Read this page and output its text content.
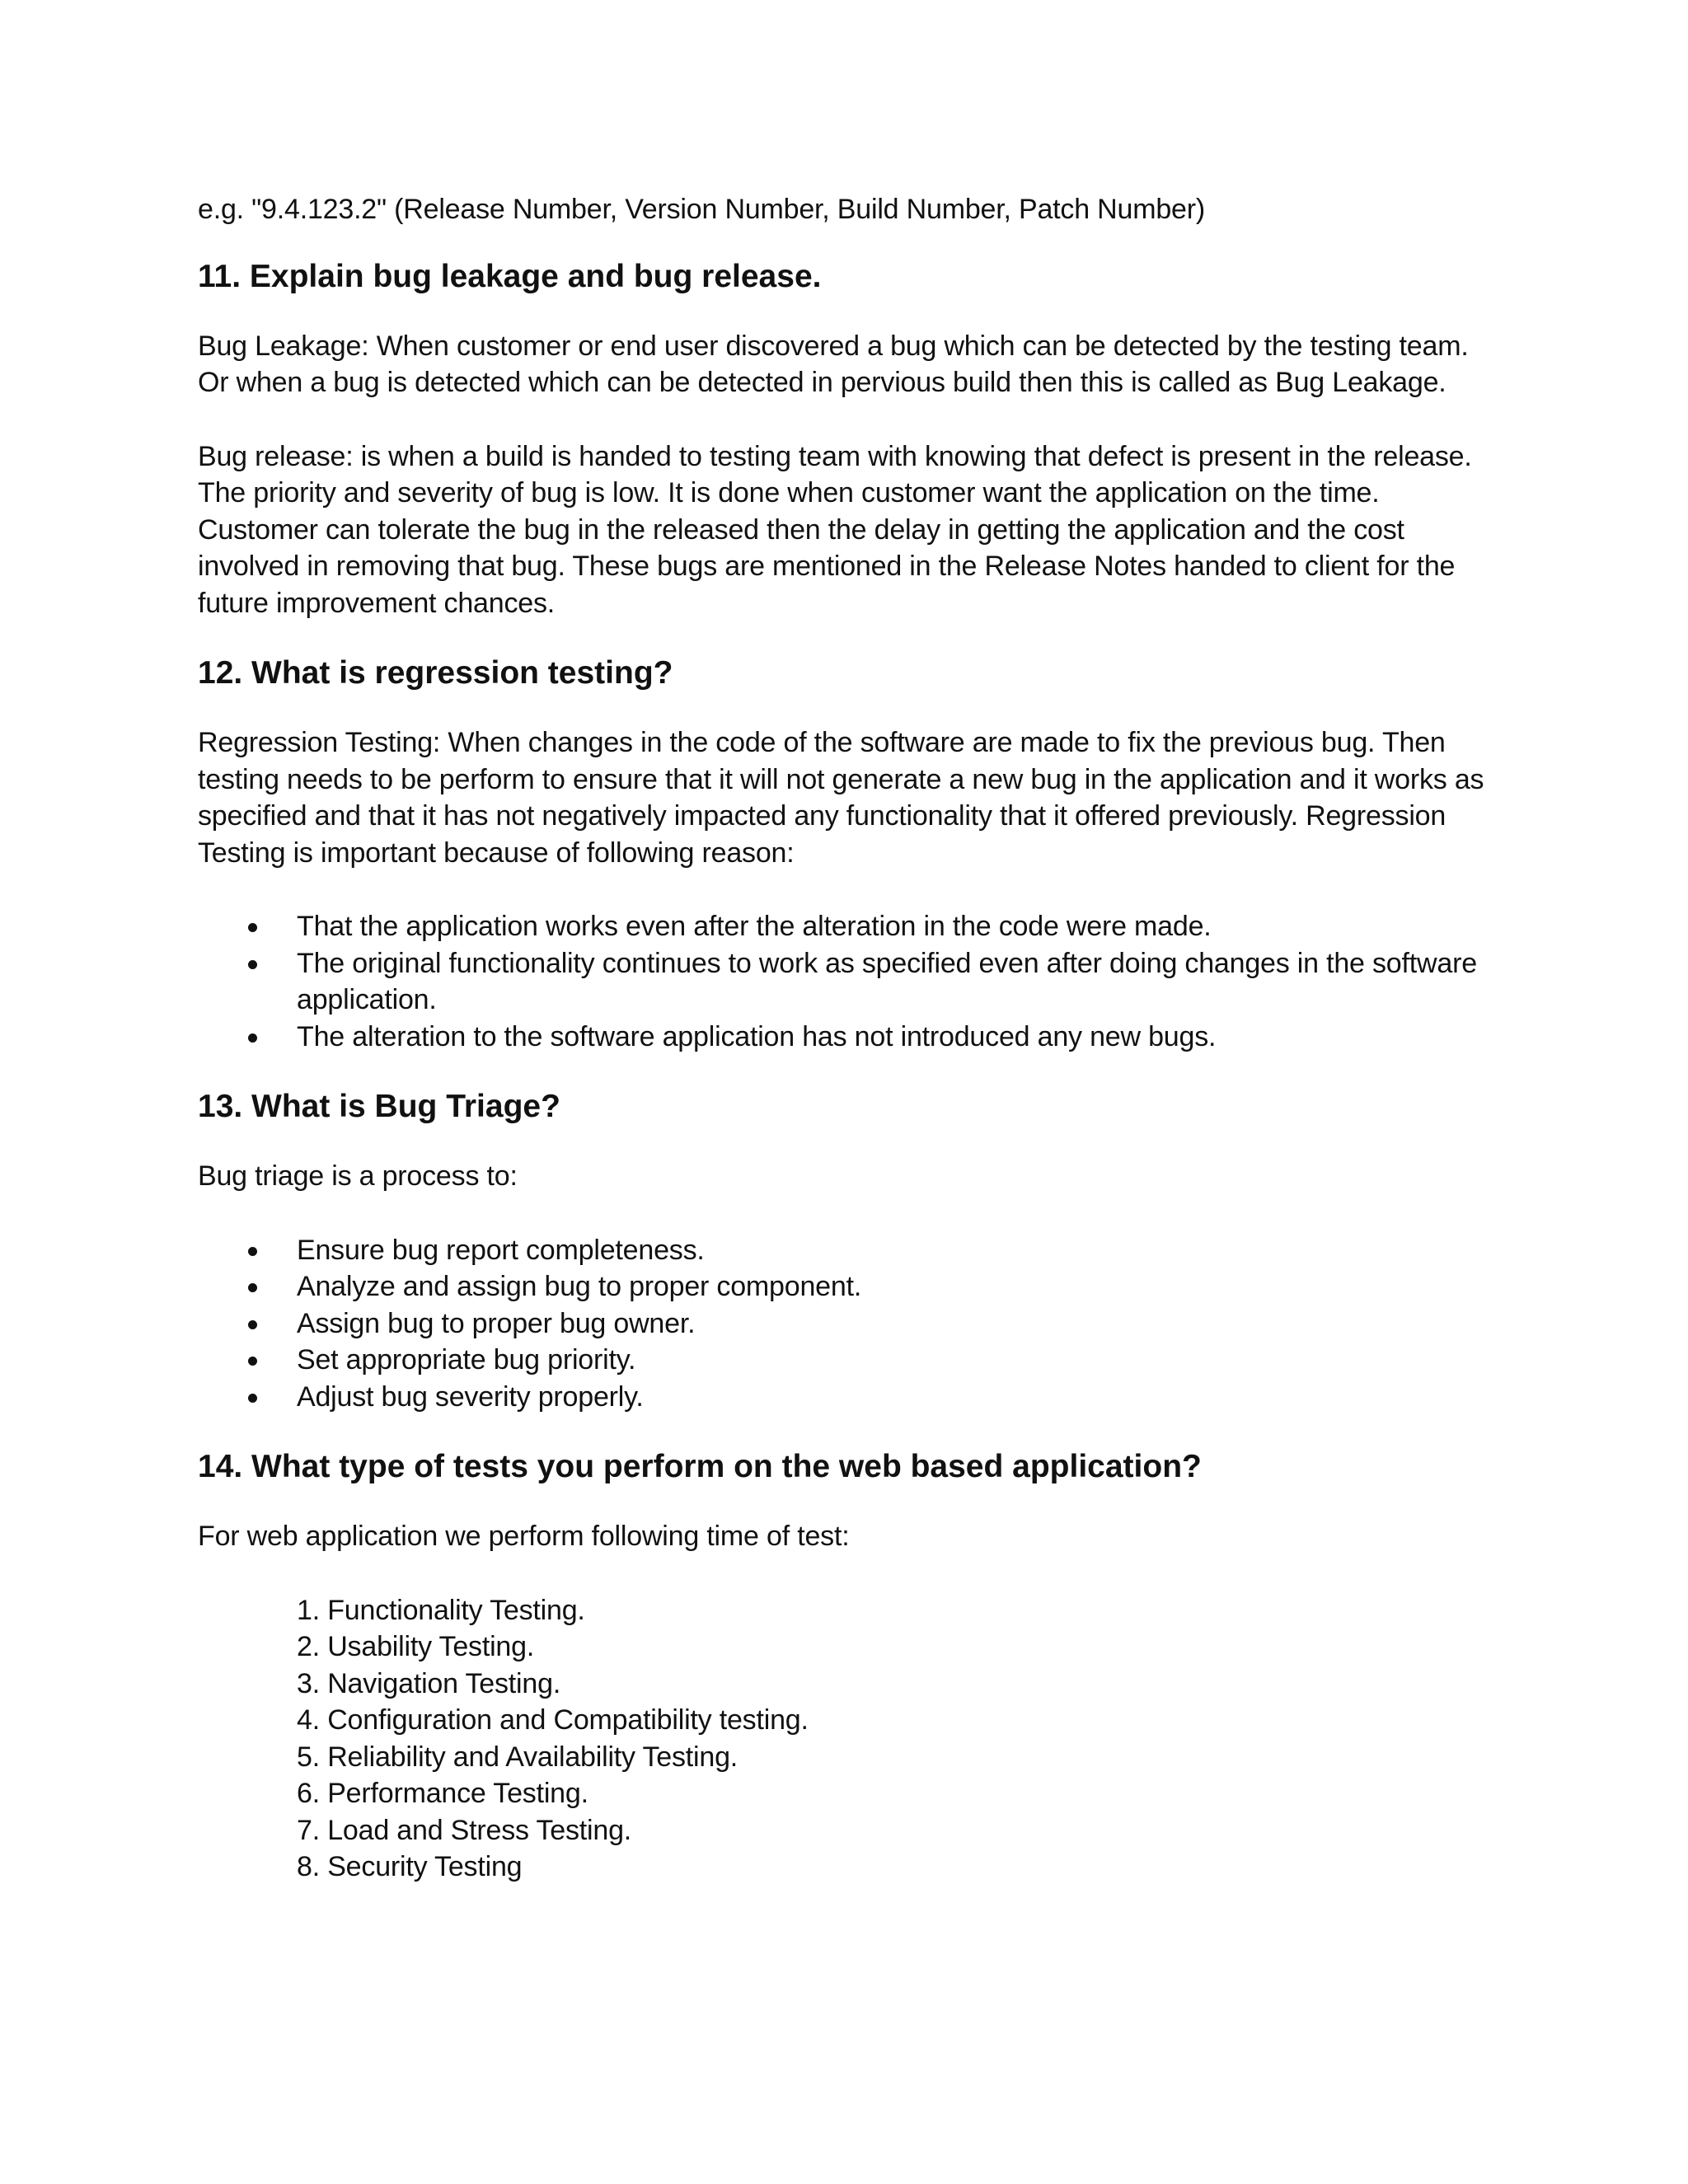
e.g. "9.4.123.2" (Release Number, Version Number, Build Number, Patch Number)

11. Explain bug leakage and bug release.

Bug Leakage: When customer or end user discovered a bug which can be detected by the testing team. Or when a bug is detected which can be detected in pervious build then this is called as Bug Leakage.

Bug release: is when a build is handed to testing team with knowing that defect is present in the release. The priority and severity of bug is low. It is done when customer want the application on the time. Customer can tolerate the bug in the released then the delay in getting the application and the cost involved in removing that bug. These bugs are mentioned in the Release Notes handed to client for the future improvement chances.

12. What is regression testing?

Regression Testing: When changes in the code of the software are made to fix the previous bug. Then testing needs to be perform to ensure that it will not generate a new bug in the application and it works as specified and that it has not negatively impacted any functionality that it offered previously. Regression Testing is important because of following reason:

That the application works even after the alteration in the code were made.
The original functionality continues to work as specified even after doing changes in the software application.
The alteration to the software application has not introduced any new bugs.
13. What is Bug Triage?

Bug triage is a process to:

Ensure bug report completeness.
Analyze and assign bug to proper component.
Assign bug to proper bug owner.
Set appropriate bug priority.
Adjust bug severity properly.
14. What type of tests you perform on the web based application?

For web application we perform following time of test:

1. Functionality Testing.
2. Usability Testing.
3. Navigation Testing.
4. Configuration and Compatibility testing.
5. Reliability and Availability Testing.
6. Performance Testing.
7. Load and Stress Testing.
8. Security Testing
